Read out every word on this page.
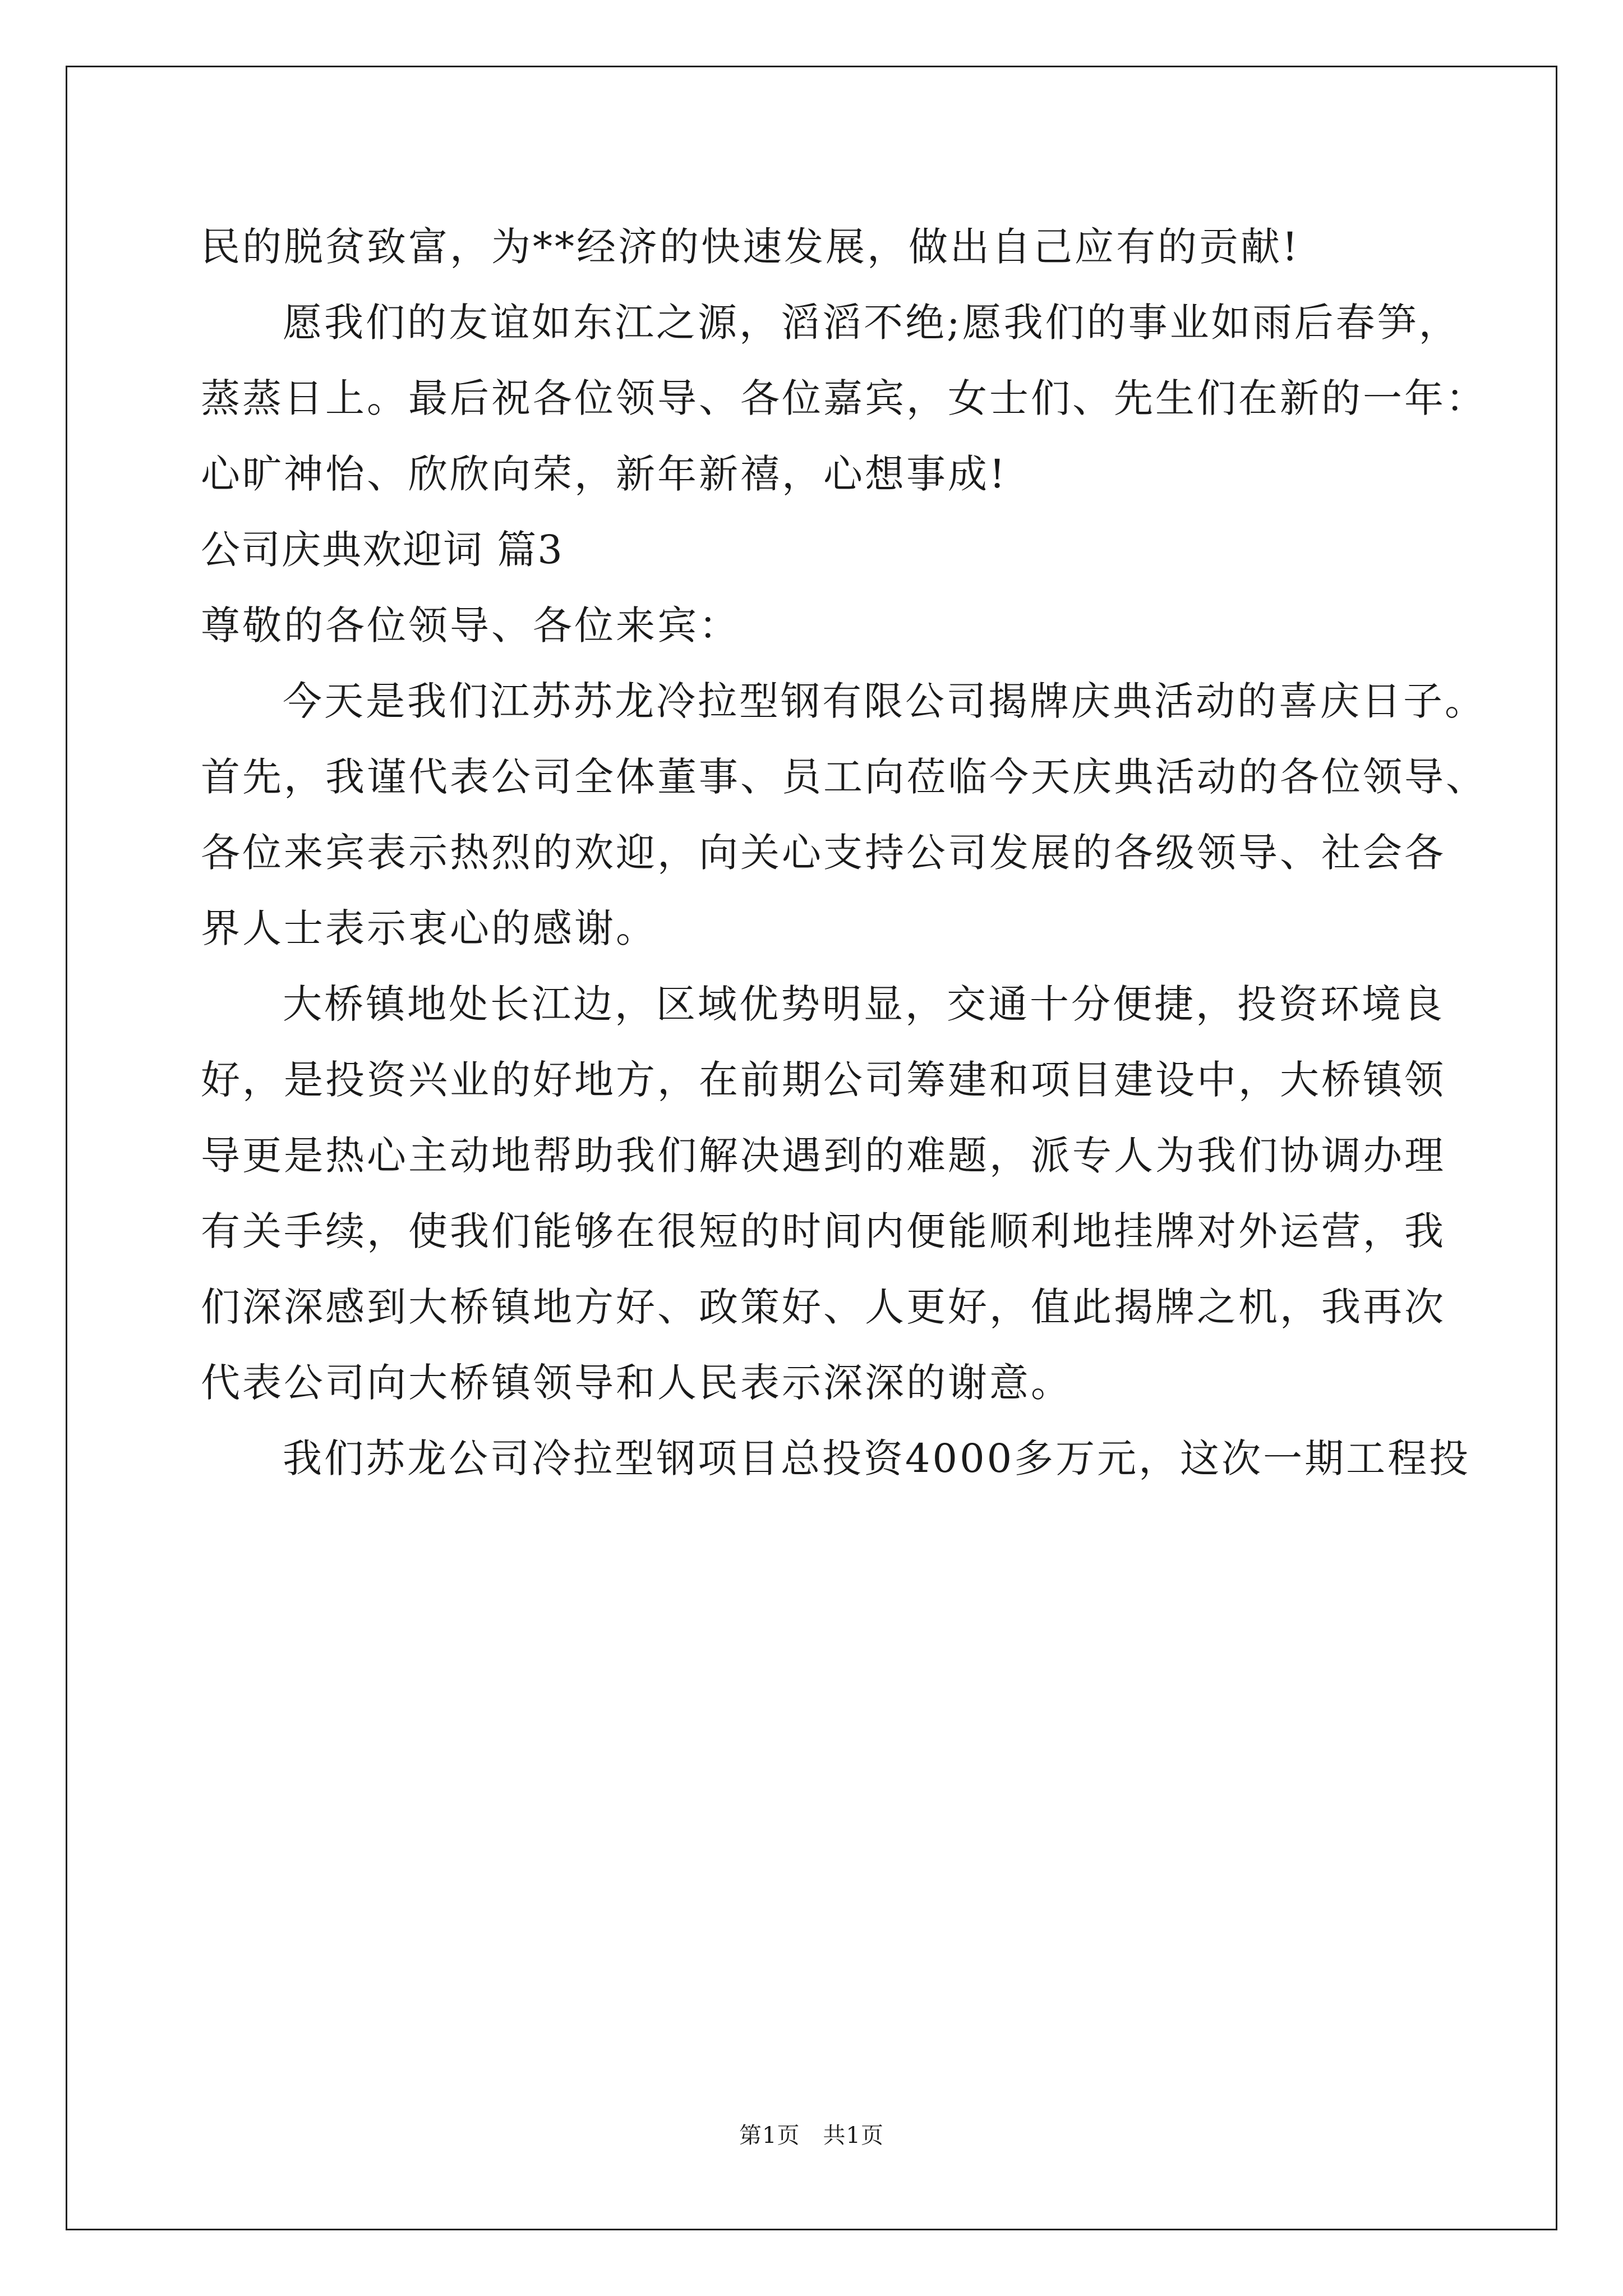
民的脱贫致富，为**经济的快速发展，做出自己应有的贡献!
愿我们的友谊如东江之源，滔滔不绝;愿我们的事业如雨后春笋，
蒸蒸日上。最后祝各位领导、各位嘉宾，女士们、先生们在新的一年：
心旷神怡、欣欣向荣，新年新禧，心想事成!
公司庆典欢迎词 篇3
尊敬的各位领导、各位来宾：
今天是我们江苏苏龙冷拉型钢有限公司揭牌庆典活动的喜庆日子。
首先，我谨代表公司全体董事、员工向莅临今天庆典活动的各位领导、
各位来宾表示热烈的欢迎，向关心支持公司发展的各级领导、社会各
界人士表示衷心的感谢。
大桥镇地处长江边，区域优势明显，交通十分便捷，投资环境良
好，是投资兴业的好地方，在前期公司筹建和项目建设中，大桥镇领
导更是热心主动地帮助我们解决遇到的难题，派专人为我们协调办理
有关手续，使我们能够在很短的时间内便能顺利地挂牌对外运营，我
们深深感到大桥镇地方好、政策好、人更好，值此揭牌之机，我再次
代表公司向大桥镇领导和人民表示深深的谢意。
我们苏龙公司冷拉型钢项目总投资4000多万元，这次一期工程投
第1页　共1页
